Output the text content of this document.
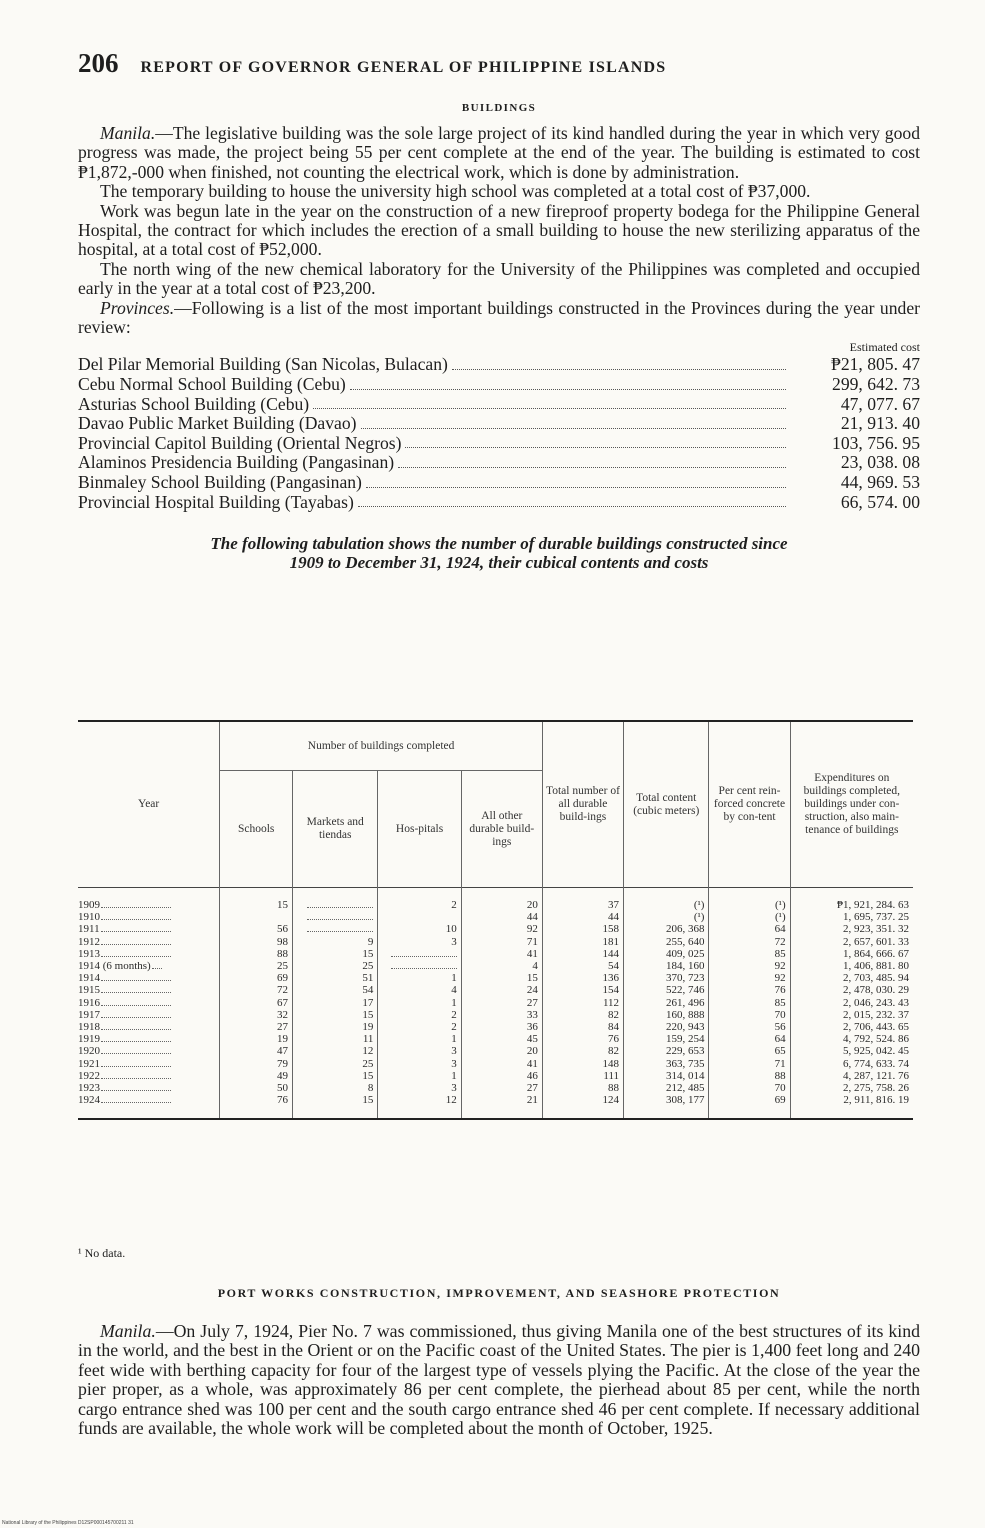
206 REPORT OF GOVERNOR GENERAL OF PHILIPPINE ISLANDS
BUILDINGS

Manila.—The legislative building was the sole large project of its kind handled during the year in which very good progress was made, the project being 55 per cent complete at the end of the year. The building is estimated to cost ₱1,872,-000 when finished, not counting the electrical work, which is done by administration.

The temporary building to house the university high school was completed at a total cost of ₱37,000.

Work was begun late in the year on the construction of a new fireproof property bodega for the Philippine General Hospital, the contract for which includes the erection of a small building to house the new sterilizing apparatus of the hospital, at a total cost of ₱52,000.

The north wing of the new chemical laboratory for the University of the Philippines was completed and occupied early in the year at a total cost of ₱23,200.

Provinces.—Following is a list of the most important buildings constructed in the Provinces during the year under review:

Estimated cost
Del Pilar Memorial Building (San Nicolas, Bulacan)	₱21, 805. 47
Cebu Normal School Building (Cebu)	299, 642. 73
Asturias School Building (Cebu)	47, 077. 67
Davao Public Market Building (Davao)	21, 913. 40
Provincial Capitol Building (Oriental Negros)	103, 756. 95
Alaminos Presidencia Building (Pangasinan)	23, 038. 08
Binmaley School Building (Pangasinan)	44, 969. 53
Provincial Hospital Building (Tayabas)	66, 574. 00
The following tabulation shows the number of durable buildings constructed since
1909 to December 31, 1924, their cubical contents and costs
Year	Number of buildings completed				Total number of all durable build-ings	Total content (cubic meters)	Per cent rein-forced concrete by con-tent	Expenditures on buildings completed, buildings under con-struction, also main-tenance of buildings
	Schools	Markets and tiendas	Hos-pitals	All other durable build-ings				
1909	15		2	20	37	(¹)	(¹)	₱1, 921, 284. 63
1910				44	44	(¹)	(¹)	1, 695, 737. 25
1911	56		10	92	158	206, 368	64	2, 923, 351. 32
1912	98	9	3	71	181	255, 640	72	2, 657, 601. 33
1913	88	15		41	144	409, 025	85	1, 864, 666. 67
1914 (6 months)	25	25		4	54	184, 160	92	1, 406, 881. 80
1914	69	51	1	15	136	370, 723	92	2, 703, 485. 94
1915	72	54	4	24	154	522, 746	76	2, 478, 030. 29
1916	67	17	1	27	112	261, 496	85	2, 046, 243. 43
1917	32	15	2	33	82	160, 888	70	2, 015, 232. 37
1918	27	19	2	36	84	220, 943	56	2, 706, 443. 65
1919	19	11	1	45	76	159, 254	64	4, 792, 524. 86
1920	47	12	3	20	82	229, 653	65	5, 925, 042. 45
1921	79	25	3	41	148	363, 735	71	6, 774, 633. 74
1922	49	15	1	46	111	314, 014	88	4, 287, 121. 76
1923	50	8	3	27	88	212, 485	70	2, 275, 758. 26
1924	76	15	12	21	124	308, 177	69	2, 911, 816. 19
¹ No data.
PORT WORKS CONSTRUCTION, IMPROVEMENT, AND SEASHORE PROTECTION

Manila.—On July 7, 1924, Pier No. 7 was commissioned, thus giving Manila one of the best structures of its kind in the world, and the best in the Orient or on the Pacific coast of the United States. The pier is 1,400 feet long and 240 feet wide with berthing capacity for four of the largest type of vessels plying the Pacific. At the close of the year the pier proper, as a whole, was approximately 86 per cent complete, the pierhead about 85 per cent, while the north cargo entrance shed was 100 per cent and the south cargo entrance shed 46 per cent complete. If necessary additional funds are available, the whole work will be completed about the month of October, 1925.

National Library of the Philippines D12SP000145700211 31
